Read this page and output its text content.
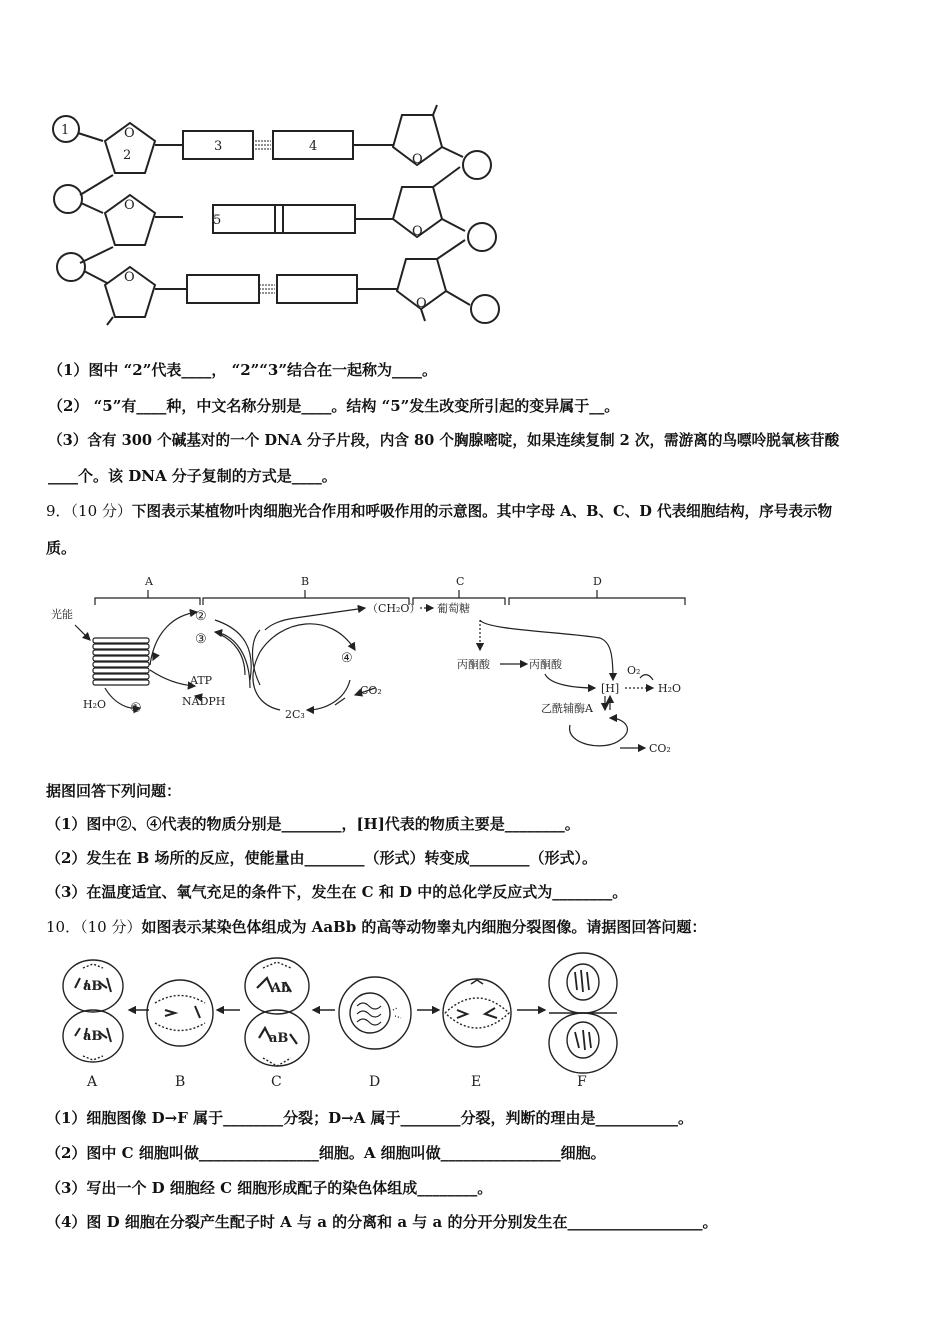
1
2
3	4
5
O
O
O
O
O
O
（1）图中 “2”代表____， “2”“3”结合在一起称为____。
（2） “5”有____种，中文名称分别是____。结构 “5”发生改变所引起的变异属于__。
（3）含有 300 个碱基对的一个 DNA 分子片段，内含 80 个胸腺嘧啶，如果连续复制 2 次，需游离的鸟嘌呤脱氧核苷酸
____个。该 DNA 分子复制的方式是____。
9．（10 分）下图表示某植物叶肉细胞光合作用和呼吸作用的示意图。其中字母 A、B、C、D 代表细胞结构，序号表示物
质。
A	B	C	D
光能
H₂O ①
②
③
④
ATP
NADPH
2C₃
CO₂
（CH₂O） 葡萄糖
丙酮酸	丙酮酸
[H]
O₂
H₂O
乙酰辅酶A
CO₂
据图回答下列问题：
（1）图中②、④代表的物质分别是________，[H]代表的物质主要是________。
（2）发生在 B 场所的反应，使能量由________（形式）转变成________（形式）。
（3）在温度适宜、氧气充足的条件下，发生在 C 和 D 中的总化学反应式为________。
10．（10 分）如图表示某染色体组成为 AaBb 的高等动物睾丸内细胞分裂图像。请据图回答问题：
aB
aB
Ab
aB
A	B	C	D	E	F
（1）细胞图像 D→F 属于________分裂；D→A 属于________分裂，判断的理由是___________。
（2）图中 C 细胞叫做________________细胞。A 细胞叫做________________细胞。
（3）写出一个 D 细胞经 C 细胞形成配子的染色体组成________。
（4）图 D 细胞在分裂产生配子时 A 与 a 的分离和 a 与 a 的分开分别发生在__________________。
